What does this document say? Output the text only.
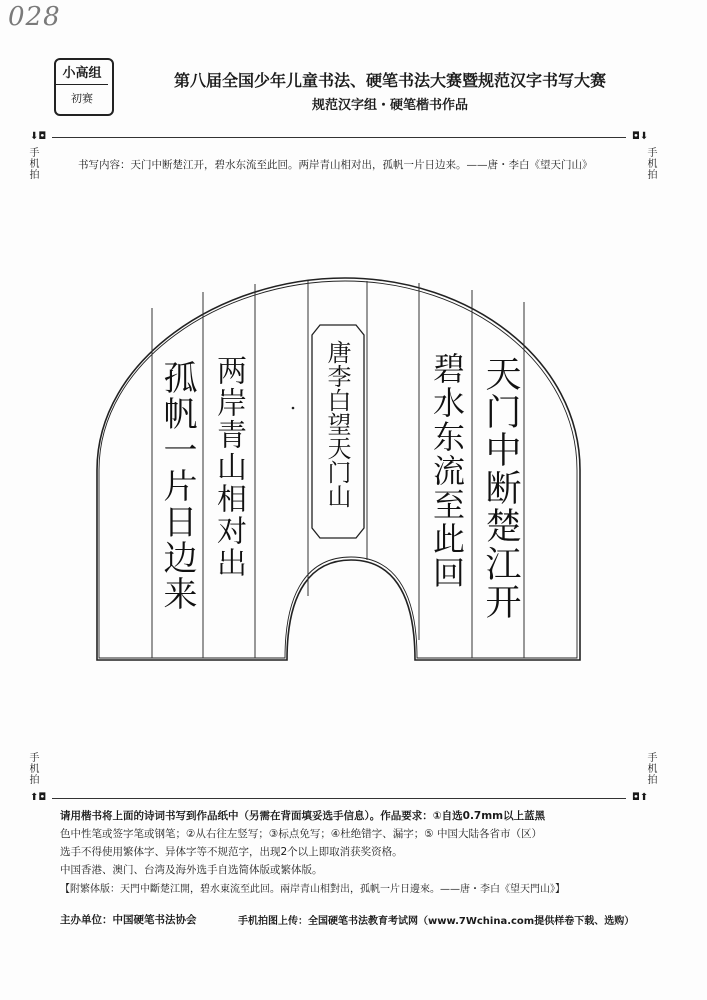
028
小高组
初赛
第八届全国少年儿童书法、硬笔书法大赛暨规范汉字书写大赛
规范汉字组・硬笔楷书作品
⬇◘	◘⬇
手机拍	手机拍
书写内容：天门中断楚江开，碧水东流至此回。两岸青山相对出，孤帆一片日边来。——唐・李白《望天门山》
天门中断楚江开
碧水东流至此回
唐李白望天门山
两岸青山相对出
孤帆一片日边来
手机拍	手机拍
⬆◘	◘⬆
请用楷书将上面的诗词书写到作品纸中（另需在背面填妥选手信息）。作品要求：①自选0.7mm以上蓝黑
色中性笔或签字笔或钢笔；②从右往左竖写；③标点免写；④杜绝错字、漏字；⑤ 中国大陆各省市（区）
选手不得使用繁体字、异体字等不规范字，出现2个以上即取消获奖资格。
中国香港、澳门、台湾及海外选手自选简体版或繁体版。
【附繁体版：天門中斷楚江開，碧水東流至此回。兩岸青山相對出，孤帆一片日邊來。——唐・李白《望天門山》】
主办单位：中国硬笔书法协会	手机拍图上传：全国硬笔书法教育考试网（www.7Wchina.com提供样卷下载、选购）
